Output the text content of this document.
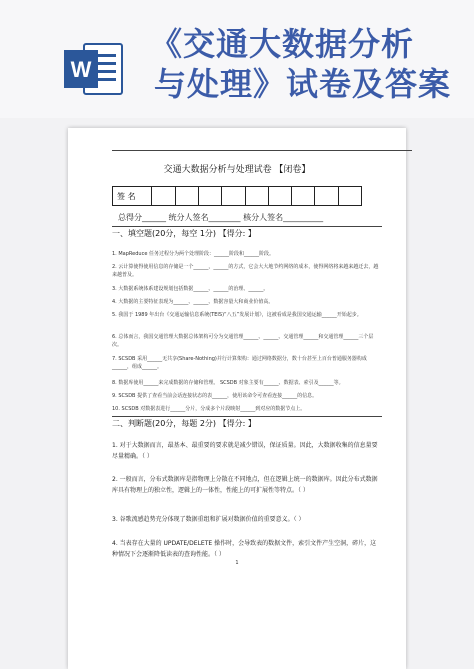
W
《交通大数据分析
与处理》试卷及答案
交通大数据分析与处理试卷 【闭卷】
签 名									
总得分______ 统分人签名________ 核分人签名__________
一、填空题(20分，每空 1分) 【得分: 】
1. MapReduce 任务过程分为两个处理阶段：______阶段和______阶段。
2. 云计算使得使用信息的存储是一个______，______的方式，它会大大地节约网络的成本，使得网络将来越来越迁去，越来越普及。
3. 大数据系统体系建设规划包括数据______、______的治理、______。
4. 大数据的主要特征表现为______、______、数据容量大和商业价值高。
5. 我国于 1989 年出台《交通运输信息系统(TEIS)“八五”发展计划》，这被看成是我国交通运输______开始起步。
6. 总体而言，我国交通管理大数据总体架构可分为交通管理______、______、交通管理______和交通管理______三个层次。
7. SCSDB 采用______无共享(Share-Nothing)并行计算架构：通过网络数据分，数十台甚至上百台普通服务器构成______，组成______。
8. 数据库使用______来完成数据的存储和管理。 SCSDB 对象主要有______、数据表、索引及______等。
9. SCSDB 提供了查看当前会话连接状态的表______，使用该命令可查看连接______的信息。
10. SCSDB 对数据表进行______分片，分成多个片段映射______到对应的数据节点上。
二、判断题(20分，每题 2分) 【得分: 】
1. 对于大数据而言，最基本、最重要的要求就是减少错误，保证质量。因此，大数据收集的信息量要尽量精确。（ ）
2. 一般而言，分布式数据库是指物理上分散在不同地点，但在逻辑上统一的数据库。因此分布式数据库具有物理上的独立性，逻辑上的一体性，性能上的可扩展性等特点。（ ）
3. 谷歌流感趋势充分体现了数据重组和扩展对数据价值的重要意义。（ ）
4. 当表存在大量的 UPDATE/DELETE 操作时，会导致表的数据文件，索引文件产生空洞，碎片，这种情况下会逐渐降低读表的查询性能。（ ）
1
